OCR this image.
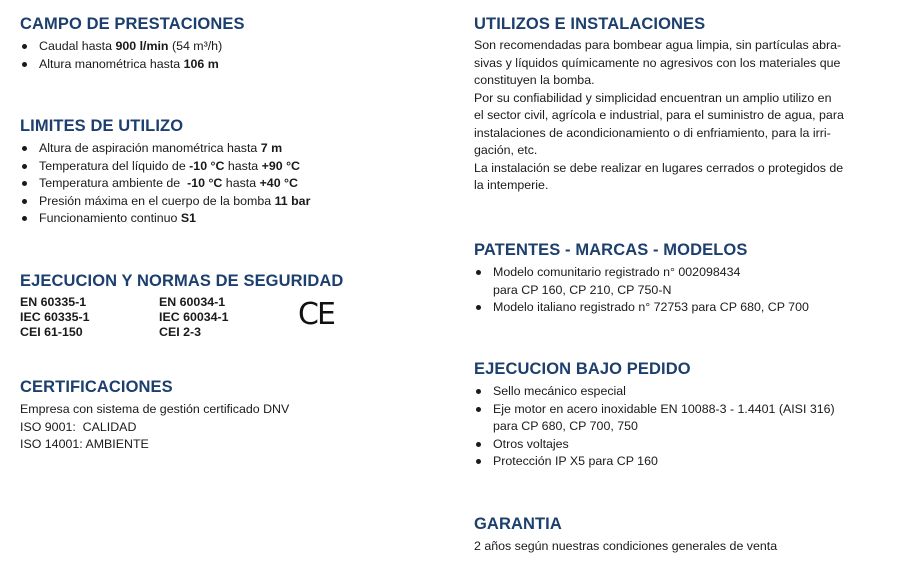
CAMPO DE PRESTACIONES
Caudal hasta 900 l/min (54 m³/h)
Altura manométrica hasta 106 m
LIMITES DE UTILIZO
Altura de aspiración manométrica hasta 7 m
Temperatura del líquido de -10 °C hasta +90 °C
Temperatura ambiente de  -10 °C hasta +40 °C
Presión máxima en el cuerpo de la bomba 11 bar
Funcionamiento continuo S1
EJECUCION Y NORMAS DE SEGURIDAD
EN 60335-1
IEC 60335-1
CEI 61-150
EN 60034-1
IEC 60034-1
CEI 2-3	CE
CERTIFICACIONES

Empresa con sistema de gestión certificado DNV

ISO 9001:  CALIDAD

ISO 14001: AMBIENTE

UTILIZOS E INSTALACIONES

Son recomendadas para bombear agua limpia, sin partículas abra-

sivas y líquidos químicamente no agresivos con los materiales que

constituyen la bomba.

Por su confiabilidad y simplicidad encuentran un amplio utilizo en

el sector civil, agrícola e industrial, para el suministro de agua, para

instalaciones de acondicionamiento o di enfriamiento, para la irri-

gación, etc.

La instalación se debe realizar en lugares cerrados o protegidos de

la intemperie.

PATENTES - MARCAS - MODELOS
Modelo comunitario registrado n° 002098434
para CP 160, CP 210, CP 750-N
Modelo italiano registrado n° 72753 para CP 680, CP 700
EJECUCION BAJO PEDIDO
Sello mecánico especial
Eje motor en acero inoxidable EN 10088-3 - 1.4401 (AISI 316)
para CP 680, CP 700, 750
Otros voltajes
Protección IP X5 para CP 160
GARANTIA

2 años según nuestras condiciones generales de venta
